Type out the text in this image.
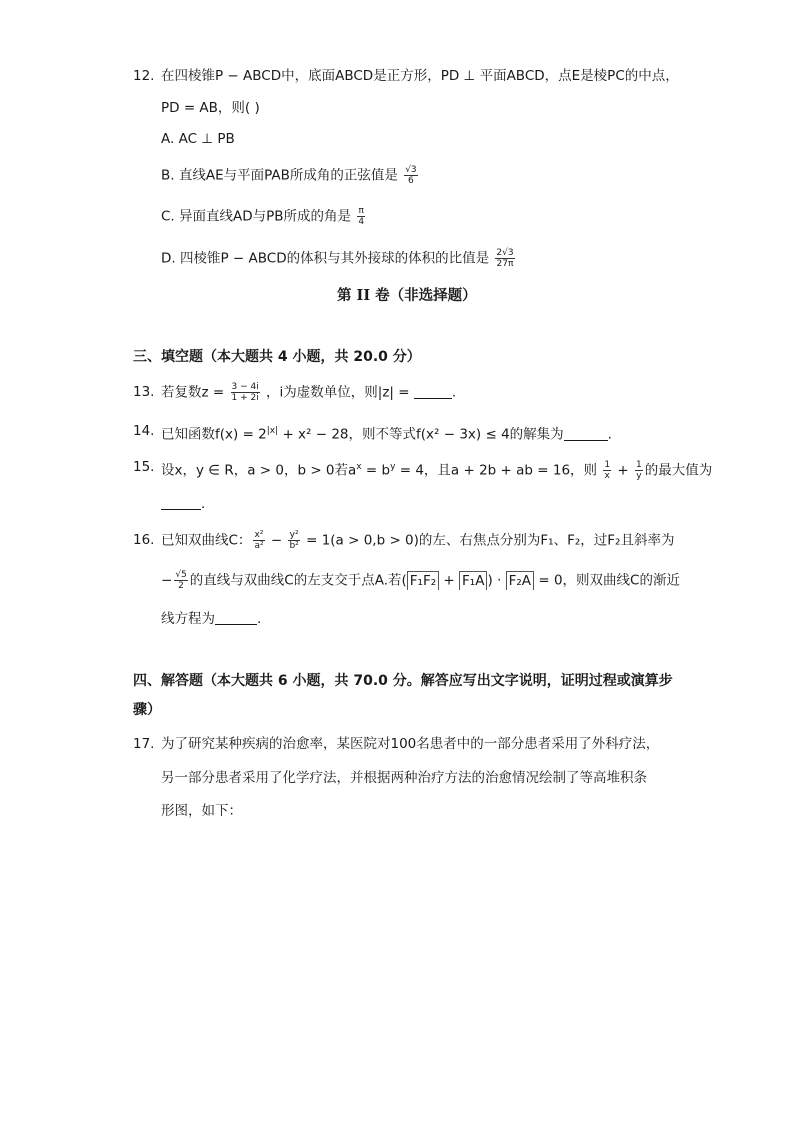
12. 在四棱锥P − ABCD中，底面ABCD是正方形，PD ⊥ 平面ABCD，点E是棱PC的中点，
PD = AB，则( )
A. AC ⊥ PB
B. 直线AE与平面PAB所成角的正弦值是 $\frac{√3}{6}$
C. 异面直线AD与PB所成的角是 $\frac{\pi}{4}$
D. 四棱锥P − ABCD的体积与其外接球的体积的比值是 $\frac{2√3}{27\pi}$
第 II 卷（非选择题）
三、填空题（本大题共 4 小题，共 20.0 分）
13. 若复数$z = \frac{3 - 4i}{1 + 2i}$ ，i为虚数单位，则|z| =	.
14. 已知函数$f(x) = 2^{|x|} + x^2 - 28$，则不等式f(x² − 3x) ≤ 4的解集为	.
15. 设x，y ∈ R，a > 0，b > 0若$a^x = b^y = 4$，且a + 2b + ab = 16，则 $\frac{1}{x} + \frac{1}{y}$ 的最大值为
.
16. 已知双曲线C： $\frac{\text{x²}}{\text{a²}} - \frac{\text{y²}}{\text{b²}} = 1(a > 0,b > 0)$的左、右焦点分别为F₁、F₂，过F₂且斜率为
− $\frac{√5}{2}$ 的直线与双曲线C的左支交于点A.若( F₁F₂ + F₁A ) · F₂A = 0，则双曲线C的渐近
线方程为	.
四、解答题（本大题共 6 小题，共 70.0 分。解答应写出文字说明，证明过程或演算步
骤）
17. 为了研究某种疾病的治愈率，某医院对100名患者中的一部分患者采用了外科疗法，
另一部分患者采用了化学疗法，并根据两种治疗方法的治愈情况绘制了等高堆积条
形图，如下：
